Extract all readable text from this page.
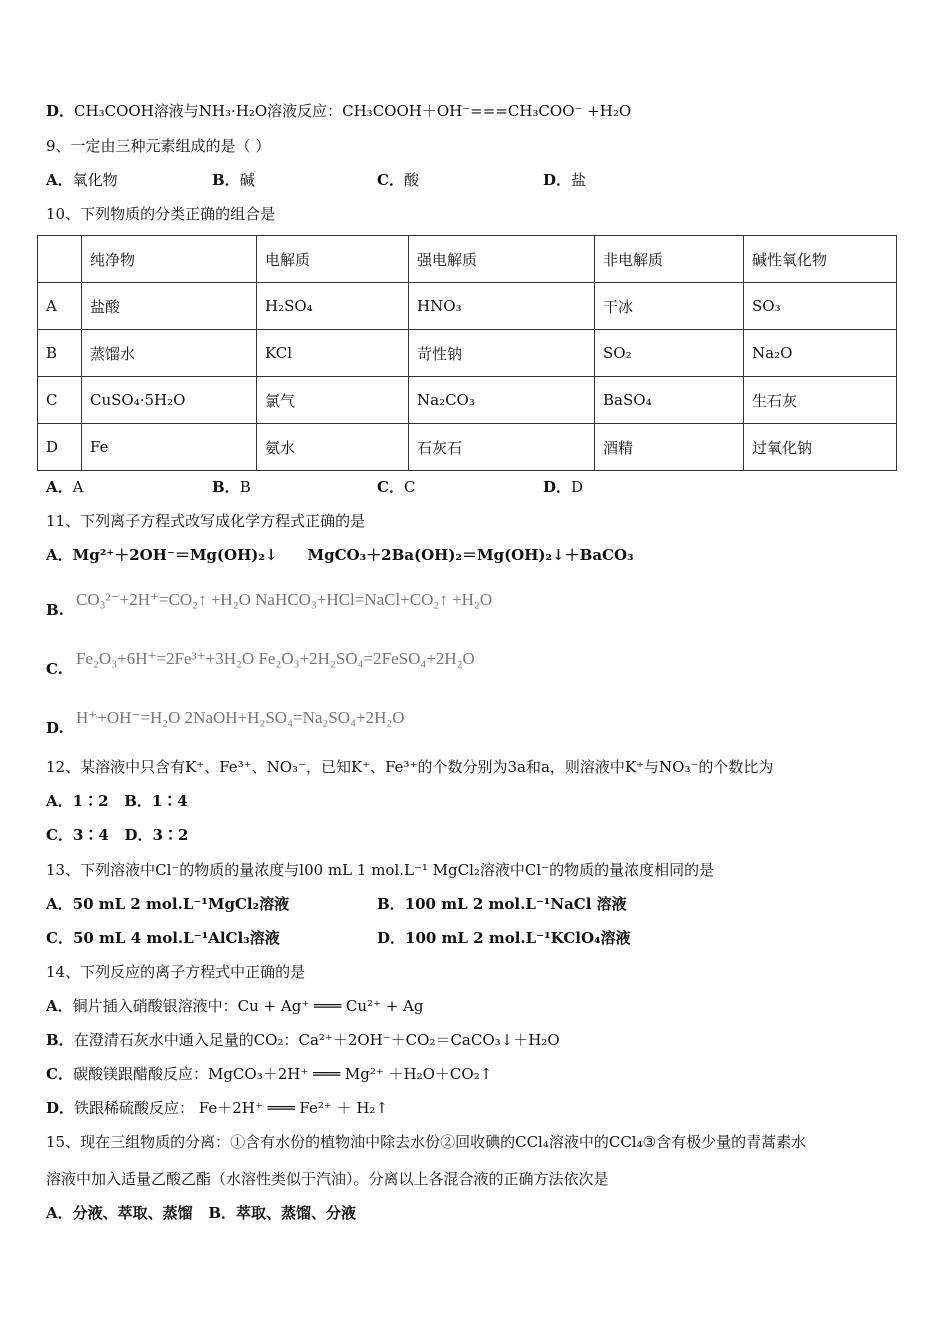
D．CH₃COOH溶液与NH₃·H₂O溶液反应：CH₃COOH＋OH⁻===CH₃COO⁻ +H₂O
9、一定由三种元素组成的是（ ）
A．氧化物	B．碱	C．酸	D．盐
10、下列物质的分类正确的组合是
	纯净物	电解质	强电解质	非电解质	碱性氧化物
A	盐酸	H₂SO₄	HNO₃	干冰	SO₃
B	蒸馏水	KCl	苛性钠	SO₂	Na₂O
C	CuSO₄·5H₂O	氯气	Na₂CO₃	BaSO₄	生石灰
D	Fe	氨水	石灰石	酒精	过氧化钠
A．A	B．B	C．C	D．D
11、下列离子方程式改写成化学方程式正确的是
A．Mg²⁺＋2OH⁻＝Mg(OH)₂↓　　MgCO₃＋2Ba(OH)₂＝Mg(OH)₂↓＋BaCO₃
B.CO₃²⁻+2H⁺=CO₂↑ +H₂O NaHCO₃+HCl=NaCl+CO₂↑ +H₂O
C.Fe₂O₃+6H⁺=2Fe³⁺+3H₂O Fe₂O₃+2H₂SO₄=2FeSO₄+2H₂O
D.H⁺+OH⁻=H₂O 2NaOH+H₂SO₄=Na₂SO₄+2H₂O
12、某溶液中只含有K⁺、Fe³⁺、NO₃⁻，已知K⁺、Fe³⁺的个数分别为3a和a，则溶液中K⁺与NO₃⁻的个数比为
A．1∶2 B．1∶4
C．3∶4 D．3∶2
13、下列溶液中Cl⁻的物质的量浓度与l00 mL 1 mol.L⁻¹ MgCl₂溶液中Cl⁻的物质的量浓度相同的是
A．50 mL 2 mol.L⁻¹MgCl₂溶液	B．100 mL 2 mol.L⁻¹NaCl 溶液
C．50 mL 4 mol.L⁻¹AlCl₃溶液	D．100 mL 2 mol.L⁻¹KClO₄溶液
14、下列反应的离子方程式中正确的是
A．铜片插入硝酸银溶液中：Cu + Ag⁺ ═══ Cu²⁺ + Ag
B．在澄清石灰水中通入足量的CO₂：Ca²⁺＋2OH⁻＋CO₂＝CaCO₃↓＋H₂O
C．碳酸镁跟醋酸反应：MgCO₃＋2H⁺ ═══ Mg²⁺ ＋H₂O＋CO₂↑
D．铁跟稀硫酸反应： Fe＋2H⁺ ═══ Fe²⁺ ＋ H₂↑
15、现在三组物质的分离：①含有水份的植物油中除去水份②回收碘的CCl₄溶液中的CCl₄③含有极少量的青蒿素水
溶液中加入适量乙酸乙酯（水溶性类似于汽油）。分离以上各混合液的正确方法依次是
A．分液、萃取、蒸馏 B．萃取、蒸馏、分液
